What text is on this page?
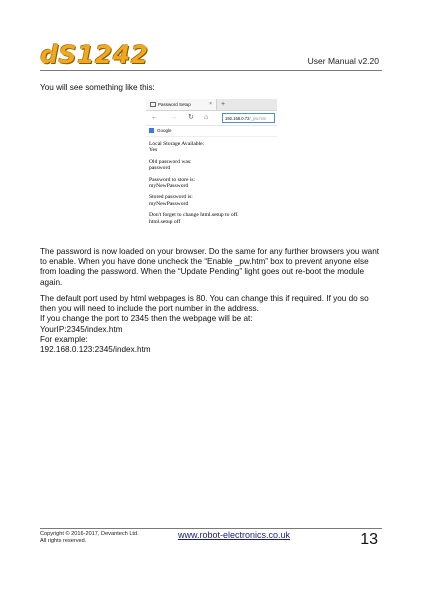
dS1242	User Manual v2.20
You will see something like this:
Password Setup	× +
← → ↻ ⌂	192.168.0.72/_pw.htm
Google

Local Storage Available:
Yes

Old password was:
password

Password to store is:
myNewPassword

Stored password is:
myNewPassword

Don't forget to change html.setup to off.
html.setup off

The password is now loaded on your browser. Do the same for any further browsers you want to enable. When you have done uncheck the “Enable _pw.htm” box to prevent anyone else from loading the password. When the “Update Pending” light goes out re-boot the module again.

The default port used by html webpages is 80. You can change this if required. If you do so then you will need to include the port number in the address.
If you change the port to 2345 then the webpage will be at:
YourIP:2345/index.htm
For example:
192.168.0.123:2345/index.htm

Copyright © 2016-2017, Devantech Ltd.
All rights reserved.
www.robot-electronics.co.uk	13
